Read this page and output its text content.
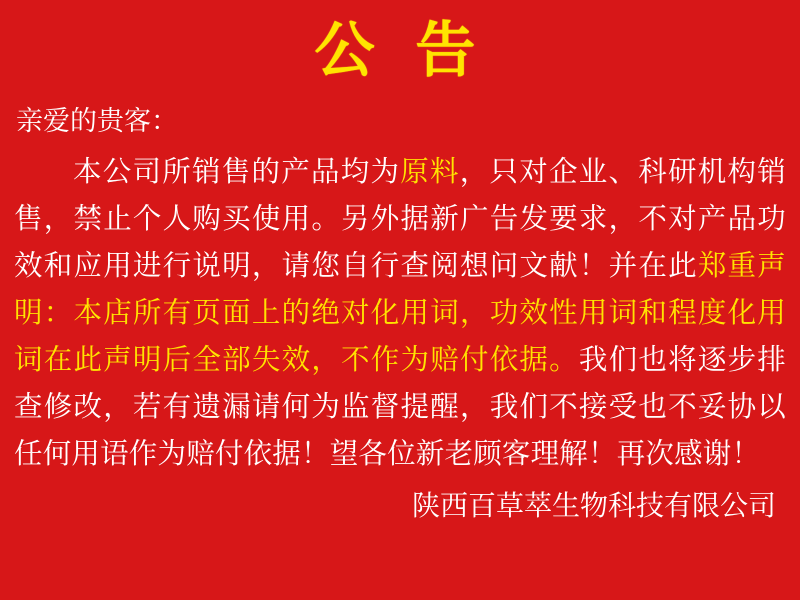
公 告

亲爱的贵客：

本公司所销售的产品均为原料，只对企业、科研机构销售，禁止个人购买使用。另外据新广告发要求，不对产品功效和应用进行说明，请您自行查阅想问文献！并在此郑重声明：本店所有页面上的绝对化用词，功效性用词和程度化用词在此声明后全部失效，不作为赔付依据。我们也将逐步排查修改，若有遗漏请何为监督提醒，我们不接受也不妥协以任何用语作为赔付依据！望各位新老顾客理解！再次感谢！

陕西百草萃生物科技有限公司
